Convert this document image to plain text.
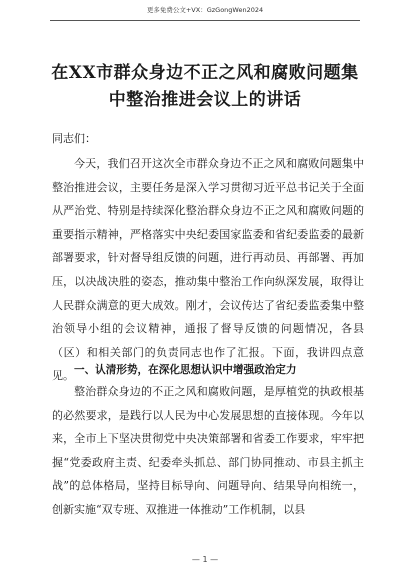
更多免费公文+VX：GzGongWen2024
在XX市群众身边不正之风和腐败问题集
中整治推进会议上的讲话
同志们：

今天，我们召开这次全市群众身边不正之风和腐败问题集中整治推进会议，主要任务是深入学习贯彻习近平总书记关于全面从严治党、特别是持续深化整治群众身边不正之风和腐败问题的重要指示精神，严格落实中央纪委国家监委和省纪委监委的最新部署要求，针对督导组反馈的问题，进行再动员、再部署、再加压，以决战决胜的姿态，推动集中整治工作向纵深发展，取得让人民群众满意的更大成效。刚才，会议传达了省纪委监委集中整治领导小组的会议精神，通报了督导反馈的问题情况，各县（区）和相关部门的负责同志也作了汇报。下面，我讲四点意见。 一、认清形势，在深化思想认识中增强政治定力

整治群众身边的不正之风和腐败问题，是厚植党的执政根基的必然要求，是践行以人民为中心发展思想的直接体现。今年以来，全市上下坚决贯彻党中央决策部署和省委工作要求，牢牢把握“党委政府主责、纪委牵头抓总、部门协同推动、市县主抓主战”的总体格局，坚持目标导向、问题导向、结果导向相统一，创新实施“双专班、双推进一体推动”工作机制，以县

— 1 —
